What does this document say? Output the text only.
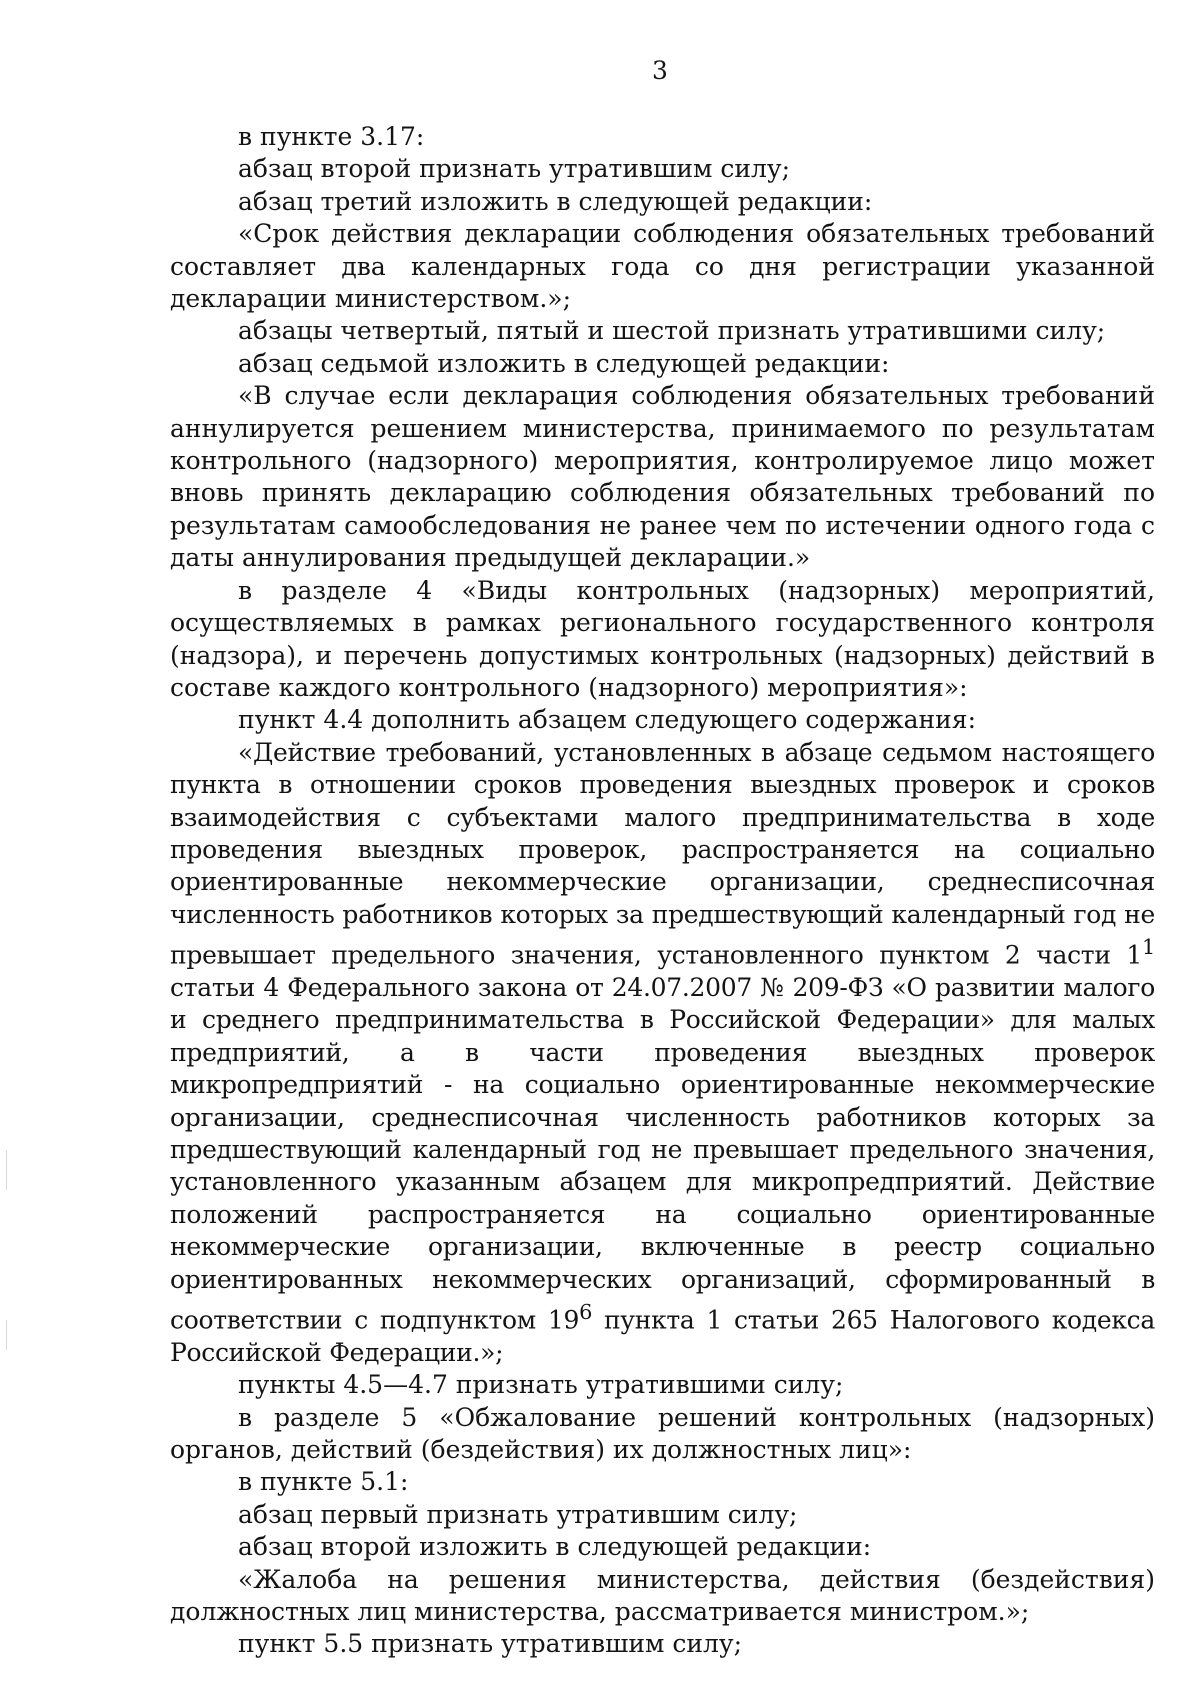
3

в пункте 3.17:

абзац второй признать утратившим силу;

абзац третий изложить в следующей редакции:

«Срок действия декларации соблюдения обязательных требований составляет два календарных года со дня регистрации указанной декларации министерством.»;

абзацы четвертый, пятый и шестой признать утратившими силу;

абзац седьмой изложить в следующей редакции:

«В случае если декларация соблюдения обязательных требований аннулируется решением министерства, принимаемого по результатам контрольного (надзорного) мероприятия, контролируемое лицо может вновь принять декларацию соблюдения обязательных требований по результатам самообследования не ранее чем по истечении одного года с даты аннулирования предыдущей декларации.»

в разделе 4 «Виды контрольных (надзорных) мероприятий, осуществляемых в рамках регионального государственного контроля (надзора), и перечень допустимых контрольных (надзорных) действий в составе каждого контрольного (надзорного) мероприятия»:

пункт 4.4 дополнить абзацем следующего содержания:

«Действие требований, установленных в абзаце седьмом настоящего пункта в отношении сроков проведения выездных проверок и сроков взаимодействия с субъектами малого предпринимательства в ходе проведения выездных проверок, распространяется на социально ориентированные некоммерческие организации, среднесписочная численность работников которых за предшествующий календарный год не превышает предельного значения, установленного пунктом 2 части $1^1$ статьи 4 Федерального закона от 24.07.2007 № 209-ФЗ «О развитии малого и среднего предпринимательства в Российской Федерации» для малых предприятий, а в части проведения выездных проверок микропредприятий - на социально ориентированные некоммерческие организации, среднесписочная численность работников которых за предшествующий календарный год не превышает предельного значения, установленного указанным абзацем для микропредприятий. Действие положений распространяется на социально ориентированные некоммерческие организации, включенные в реестр социально ориентированных некоммерческих организаций, сформированный в соответствии с подпунктом $19^6$ пункта 1 статьи 265 Налогового кодекса Российской Федерации.»;

пункты 4.5—4.7 признать утратившими силу;

в разделе 5 «Обжалование решений контрольных (надзорных) органов, действий (бездействия) их должностных лиц»:

в пункте 5.1:

абзац первый признать утратившим силу;

абзац второй изложить в следующей редакции:

«Жалоба на решения министерства, действия (бездействия) должностных лиц министерства, рассматривается министром.»;

пункт 5.5 признать утратившим силу;
